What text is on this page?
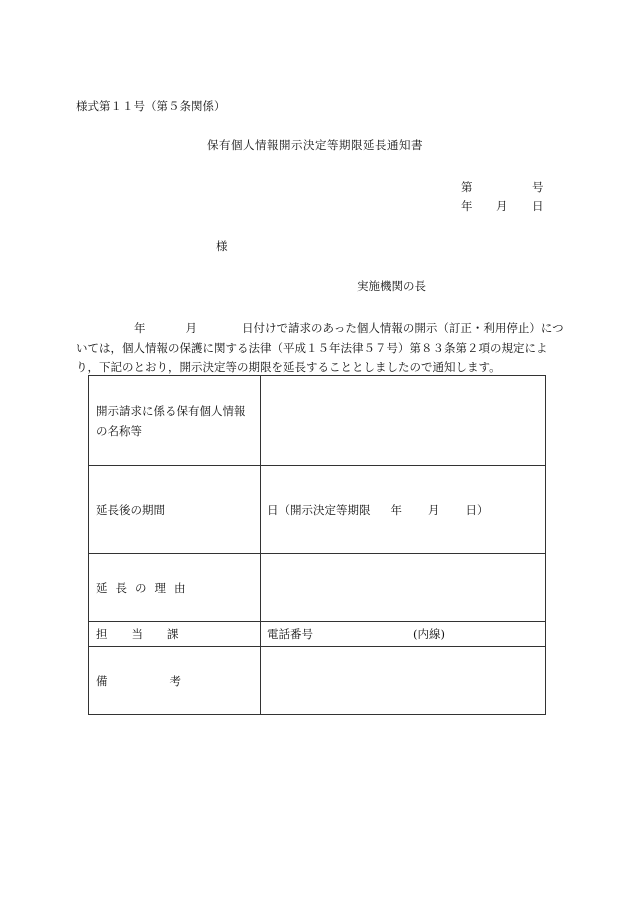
様式第１１号（第５条関係）
保有個人情報開示決定等期限延長通知書
第	号
年 月 日
様
実施機関の長
年	月	日付けで請求のあった個人情報の開示（訂正・利用停止）につ
いては，個人情報の保護に関する法律（平成１５年法律５７号）第８３条第２項の規定によ
り，下記のとおり，開示決定等の期限を延長することとしましたので通知します。
開示請求に係る保有個人情報
の名称等	

延長後の期間	日（開示決定等期限 年 月 日）
延長の理由	
担 当 課	電話番号 (内線)
備 考	
